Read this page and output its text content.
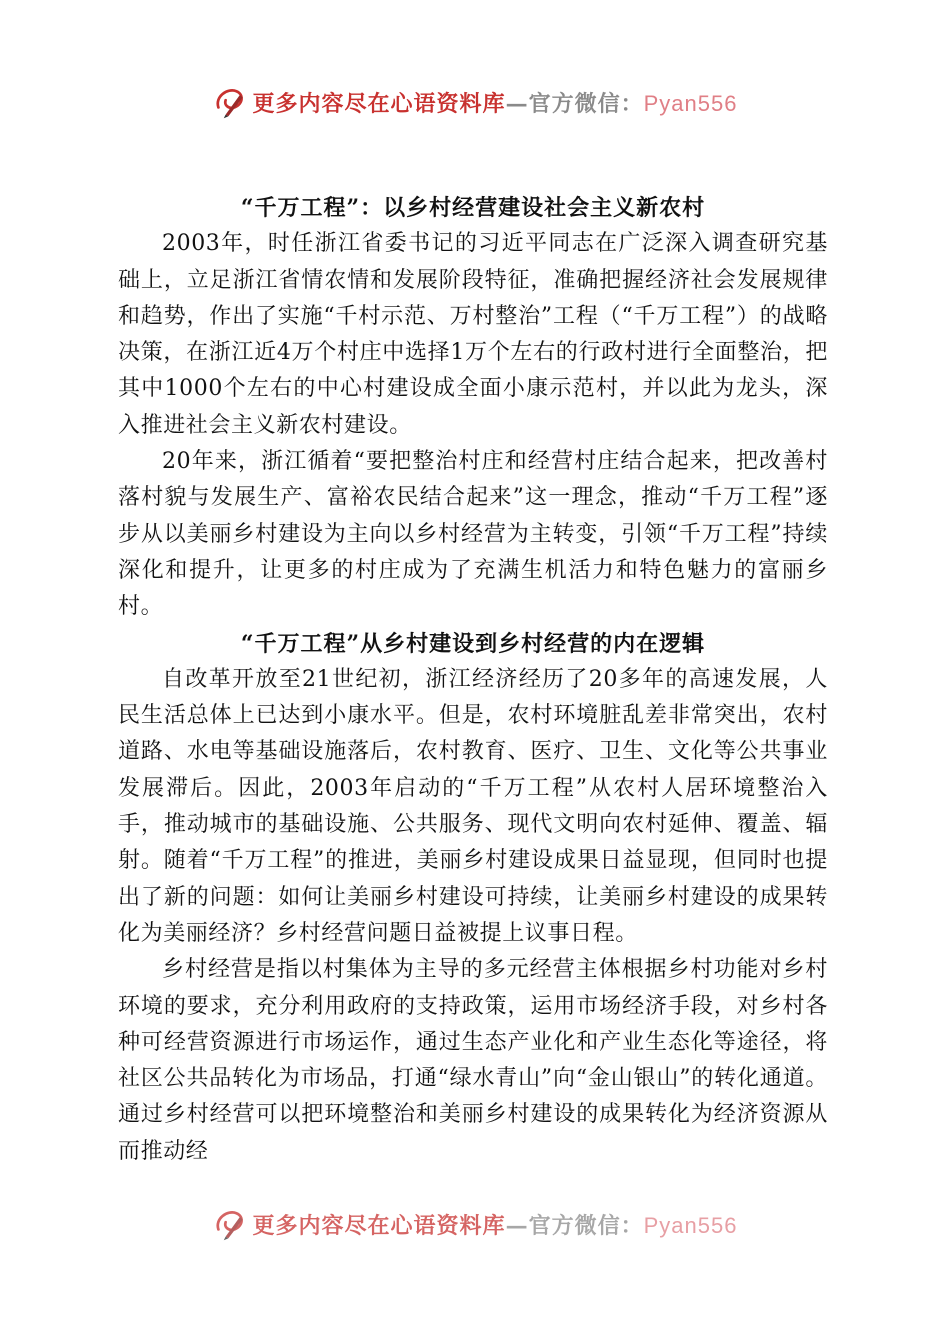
更多内容尽在心语资料库—官方微信：Pyan556
“千万工程”：以乡村经营建设社会主义新农村

2003年，时任浙江省委书记的习近平同志在广泛深入调查研究基础上，立足浙江省情农情和发展阶段特征，准确把握经济社会发展规律和趋势，作出了实施“千村示范、万村整治”工程（“千万工程”）的战略决策，在浙江近4万个村庄中选择1万个左右的行政村进行全面整治，把其中1000个左右的中心村建设成全面小康示范村，并以此为龙头，深入推进社会主义新农村建设。

20年来，浙江循着“要把整治村庄和经营村庄结合起来，把改善村落村貌与发展生产、富裕农民结合起来”这一理念，推动“千万工程”逐步从以美丽乡村建设为主向以乡村经营为主转变，引领“千万工程”持续深化和提升，让更多的村庄成为了充满生机活力和特色魅力的富丽乡村。

“千万工程”从乡村建设到乡村经营的内在逻辑

自改革开放至21世纪初，浙江经济经历了20多年的高速发展，人民生活总体上已达到小康水平。但是，农村环境脏乱差非常突出，农村道路、水电等基础设施落后，农村教育、医疗、卫生、文化等公共事业发展滞后。因此，2003年启动的“千万工程”从农村人居环境整治入手，推动城市的基础设施、公共服务、现代文明向农村延伸、覆盖、辐射。随着“千万工程”的推进，美丽乡村建设成果日益显现，但同时也提出了新的问题：如何让美丽乡村建设可持续，让美丽乡村建设的成果转化为美丽经济？乡村经营问题日益被提上议事日程。

乡村经营是指以村集体为主导的多元经营主体根据乡村功能对乡村环境的要求，充分利用政府的支持政策，运用市场经济手段，对乡村各种可经营资源进行市场运作，通过生态产业化和产业生态化等途径，将社区公共品转化为市场品，打通“绿水青山”向“金山银山”的转化通道。通过乡村经营可以把环境整治和美丽乡村建设的成果转化为经济资源从而推动经

更多内容尽在心语资料库—官方微信：Pyan556
